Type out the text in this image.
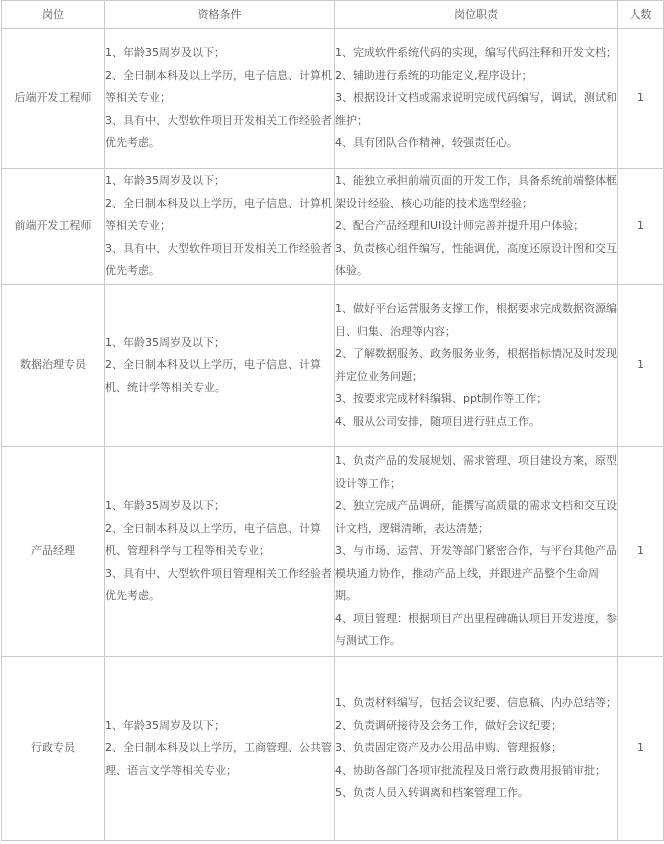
岗位	资格条件	岗位职责	人数
后端开发工程师	1、年龄35周岁及以下；
2、全日制本科及以上学历，电子信息、计算机等相关专业；
3、具有中、大型软件项目开发相关工作经验者优先考虑。	1、完成软件系统代码的实现，编写代码注释和开发文档；
2、辅助进行系统的功能定义,程序设计；
3、根据设计文档或需求说明完成代码编写，调试，测试和维护；
4、具有团队合作精神，较强责任心。	1
前端开发工程师	1、年龄35周岁及以下；
2、全日制本科及以上学历，电子信息、计算机等相关专业；
3、具有中、大型软件项目开发相关工作经验者优先考虑。	1、能独立承担前端页面的开发工作，具备系统前端整体框架设计经验、核心功能的技术选型经验；
2、配合产品经理和UI设计师完善并提升用户体验；
3、负责核心组件编写，性能调优，高度还原设计图和交互体验。	1
数据治理专员	1、年龄35周岁及以下；
2、全日制本科及以上学历，电子信息、计算机、统计学等相关专业。	1、做好平台运营服务支撑工作，根据要求完成数据资源编目、归集、治理等内容；
2、了解数据服务、政务服务业务，根据指标情况及时发现并定位业务问题；
3、按要求完成材料编辑、ppt制作等工作；
4、服从公司安排，随项目进行驻点工作。	1
产品经理	1、年龄35周岁及以下；
2、全日制本科及以上学历，电子信息、计算机、管理科学与工程等相关专业；
3、具有中、大型软件项目管理相关工作经验者优先考虑。	1、负责产品的发展规划、需求管理、项目建设方案，原型设计等工作；
2、独立完成产品调研，能撰写高质量的需求文档和交互设计文档，逻辑清晰，表达清楚；
3、与市场、运营、开发等部门紧密合作，与平台其他产品模块通力协作，推动产品上线，并跟进产品整个生命周期。
4、项目管理：根据项目产出里程碑确认项目开发进度，参与测试工作。	1
行政专员	1、年龄35周岁及以下；
2、全日制本科及以上学历，工商管理、公共管理、语言文学等相关专业；	1、负责材料编写，包括会议纪要、信息稿、内办总结等；
2、负责调研接待及会务工作，做好会议纪要；
3、负责固定资产及办公用品申购、管理报修；
4、协助各部门各项审批流程及日常行政费用报销审批；
5、负责人员入转调离和档案管理工作。	1
